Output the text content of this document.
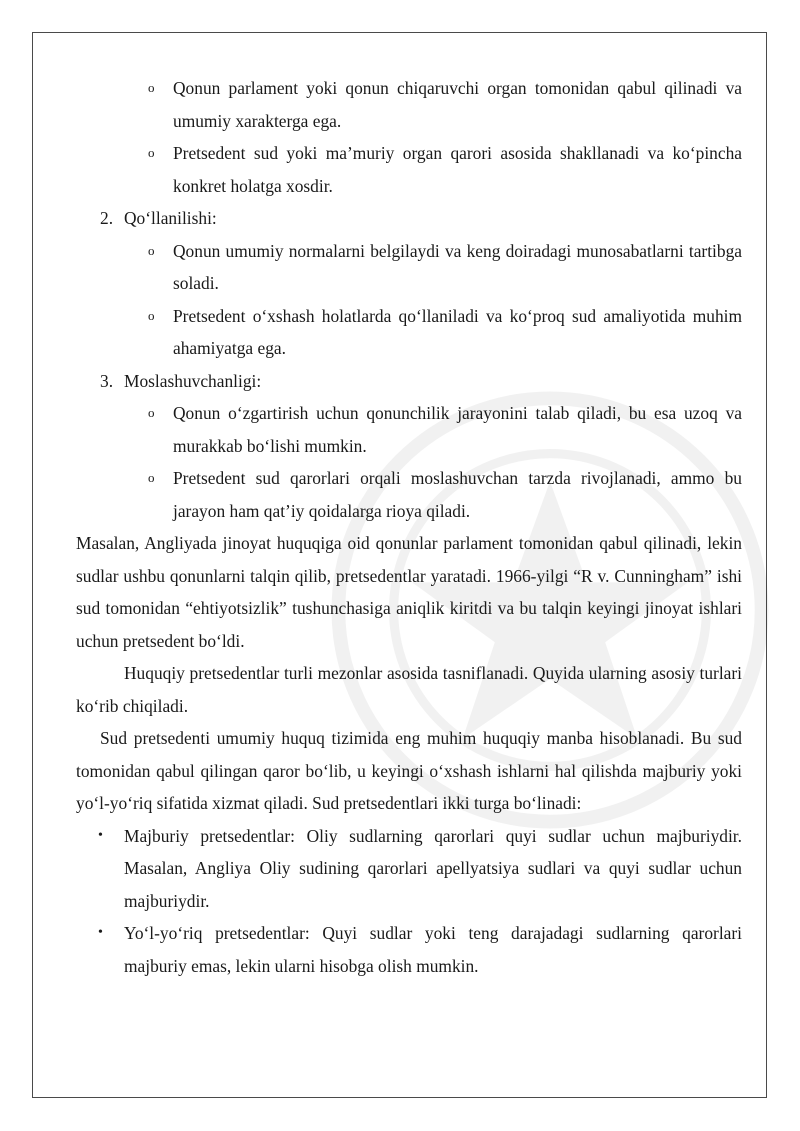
o Qonun parlament yoki qonun chiqaruvchi organ tomonidan qabul qilinadi va umumiy xarakterga ega.

o Pretsedent sud yoki ma’muriy organ qarori asosida shakllanadi va ko‘pincha konkret holatga xosdir.

2. Qo‘llanilishi:

o Qonun umumiy normalarni belgilaydi va keng doiradagi munosabatlarni tartibga soladi.

o Pretsedent o‘xshash holatlarda qo‘llaniladi va ko‘proq sud amaliyotida muhim ahamiyatga ega.

3. Moslashuvchanligi:

o Qonun o‘zgartirish uchun qonunchilik jarayonini talab qiladi, bu esa uzoq va murakkab bo‘lishi mumkin.

o Pretsedent sud qarorlari orqali moslashuvchan tarzda rivojlanadi, ammo bu jarayon ham qat’iy qoidalarga rioya qiladi.

Masalan, Angliyada jinoyat huquqiga oid qonunlar parlament tomonidan qabul qilinadi, lekin sudlar ushbu qonunlarni talqin qilib, pretsedentlar yaratadi. 1966-yilgi “R v. Cunningham” ishi sud tomonidan “ehtiyotsizlik” tushunchasiga aniqlik kiritdi va bu talqin keyingi jinoyat ishlari uchun pretsedent bo‘ldi.

Huquqiy pretsedentlar turli mezonlar asosida tasniflanadi. Quyida ularning asosiy turlari ko‘rib chiqiladi.

Sud pretsedenti umumiy huquq tizimida eng muhim huquqiy manba hisoblanadi. Bu sud tomonidan qabul qilingan qaror bo‘lib, u keyingi o‘xshash ishlarni hal qilishda majburiy yoki yo‘l-yo‘riq sifatida xizmat qiladi. Sud pretsedentlari ikki turga bo‘linadi:

• Majburiy pretsedentlar: Oliy sudlarning qarorlari quyi sudlar uchun majburiydir. Masalan, Angliya Oliy sudining qarorlari apellyatsiya sudlari va quyi sudlar uchun majburiydir.

• Yo‘l-yo‘riq pretsedentlar: Quyi sudlar yoki teng darajadagi sudlarning qarorlari majburiy emas, lekin ularni hisobga olish mumkin.
